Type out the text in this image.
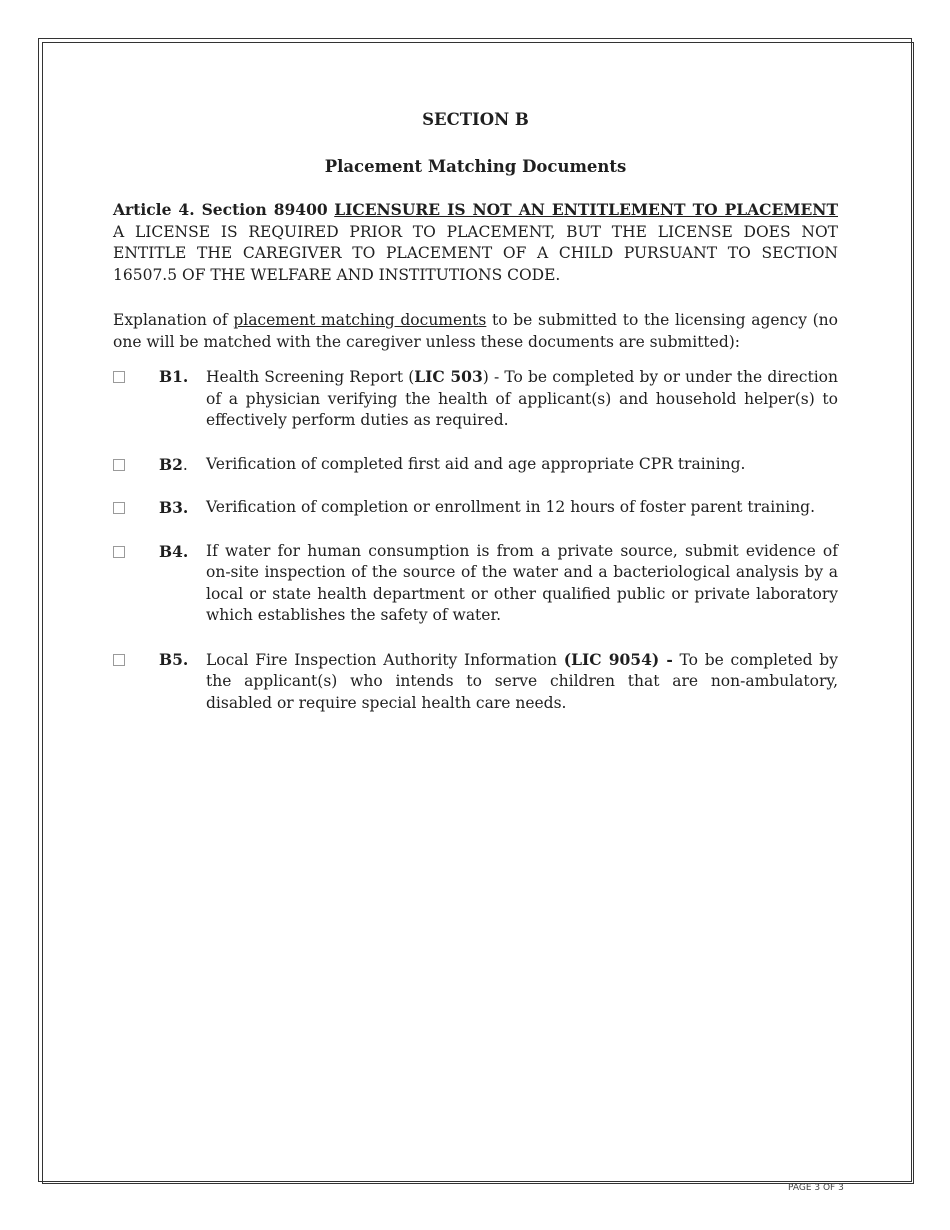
SECTION B
Placement Matching Documents

Article 4. Section 89400 LICENSURE IS NOT AN ENTITLEMENT TO PLACEMENT A LICENSE IS REQUIRED PRIOR TO PLACEMENT, BUT THE LICENSE DOES NOT ENTITLE THE CAREGIVER TO PLACEMENT OF A CHILD PURSUANT TO SECTION 16507.5 OF THE WELFARE AND INSTITUTIONS CODE.

Explanation of placement matching documents to be submitted to the licensing agency (no one will be matched with the caregiver unless these documents are submitted):

B1. Health Screening Report (LIC 503) - To be completed by or under the direction of a physician verifying the health of applicant(s) and household helper(s) to effectively perform duties as required.
B2. Verification of completed first aid and age appropriate CPR training.
B3. Verification of completion or enrollment in 12 hours of foster parent training.
B4. If water for human consumption is from a private source, submit evidence of on-site inspection of the source of the water and a bacteriological analysis by a local or state health department or other qualified public or private laboratory which establishes the safety of water.
B5. Local Fire Inspection Authority Information (LIC 9054) - To be completed by the applicant(s) who intends to serve children that are non-ambulatory, disabled or require special health care needs.
PAGE 3 OF 3
